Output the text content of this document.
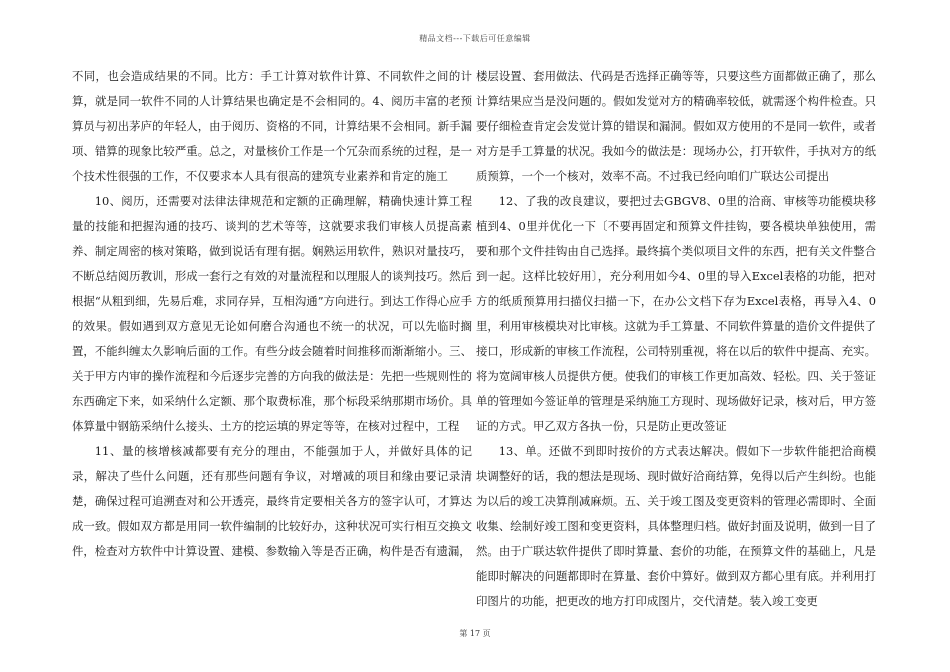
精品文档---下载后可任意编辑

不同，也会造成结果的不同。比方：手工计算对软件计算、不同软件之间的计算，就是同一软件不同的人计算结果也确定是不会相同的。4、阅历丰富的老预算员与初出茅庐的年轻人，由于阅历、资格的不同，计算结果不会相同。新手漏项、错算的现象比较严重。总之，对量核价工作是一个冗杂而系统的过程，是一个技术性很强的工作，不仅要求本人具有很高的建筑专业素养和肯定的施工

10、阅历，还需要对法律法律规范和定额的正确理解，精确快速计算工程量的技能和把握沟通的技巧、谈判的艺术等等，这就要求我们审核人员提高素养、制定周密的核对策略，做到说话有理有据。娴熟运用软件，熟识对量技巧，不断总结阅历教训，形成一套行之有效的对量流程和以理服人的谈判技巧。然后根据“从粗到细，先易后难，求同存异，互相沟通”方向进行。到达工作得心应手的效果。假如遇到双方意见无论如何磨合沟通也不统一的状况，可以先临时搁置，不能纠缠太久影响后面的工作。有些分歧会随着时间推移而渐渐缩小。三、关于甲方内审的操作流程和今后逐步完善的方向我的做法是：先把一些规则性的东西确定下来，如采纳什么定额、那个取费标准，那个标段采纳那期市场价。具体算量中钢筋采纳什么接头、土方的挖运填的界定等等，在核对过程中，工程

11、量的核增核减都要有充分的理由，不能强加于人，并做好具体的记录，解决了些什么问题，还有那些问题有争议，对增减的项目和缘由要记录清楚，确保过程可追溯查对和公开透亮，最终肯定要相关各方的签字认可，才算达成一致。假如双方都是用同一软件编制的比较好办，这种状况可实行相互交换文件，检查对方软件中计算设置、建模、参数输入等是否正确，构件是否有遗漏，

楼层设置、套用做法、代码是否选择正确等等，只要这些方面都做正确了，那么计算结果应当是没问题的。假如发觉对方的精确率较低，就需逐个构件检查。只要仔细检查肯定会发觉计算的错误和漏洞。假如双方使用的不是同一软件，或者对方是手工算量的状况。我如今的做法是：现场办公，打开软件，手执对方的纸质预算，一个一个核对，效率不高。不过我已经向咱们广联达公司提出

12、了我的改良建议，要把过去GBGV8、0里的洽商、审核等功能模块移植到4、0里并优化一下〔不要再固定和预算文件挂钩，要各模块单独使用，需要和那个文件挂钩由自己选择。最终搞个类似项目文件的东西，把有关文件整合到一起。这样比较好用〕，充分利用如今4、0里的导入Excel表格的功能，把对方的纸质预算用扫描仪扫描一下，在办公文档下存为Excel表格，再导入4、0里，利用审核模块对比审核。这就为手工算量、不同软件算量的造价文件提供了接口，形成新的审核工作流程，公司特别重视，将在以后的软件中提高、充实。将为宽阔审核人员提供方便。使我们的审核工作更加高效、轻松。四、关于签证单的管理如今签证单的管理是采纳施工方现时、现场做好记录，核对后，甲方签证的方式。甲乙双方各执一份，只是防止更改签证

13、单。还做不到即时按价的方式表达解决。假如下一步软件能把洽商模块调整好的话，我的想法是现场、现时做好洽商结算，免得以后产生纠纷。也能为以后的竣工决算削减麻烦。五、关于竣工图及变更资料的管理必需即时、全面收集、绘制好竣工图和变更资料，具体整理归档。做好封面及说明，做到一目了然。由于广联达软件提供了即时算量、套价的功能，在预算文件的基础上，凡是能即时解决的问题都即时在算量、套价中算好。做到双方都心里有底。并利用打印图片的功能，把更改的地方打印成图片，交代清楚。装入竣工变更

第 17 页
